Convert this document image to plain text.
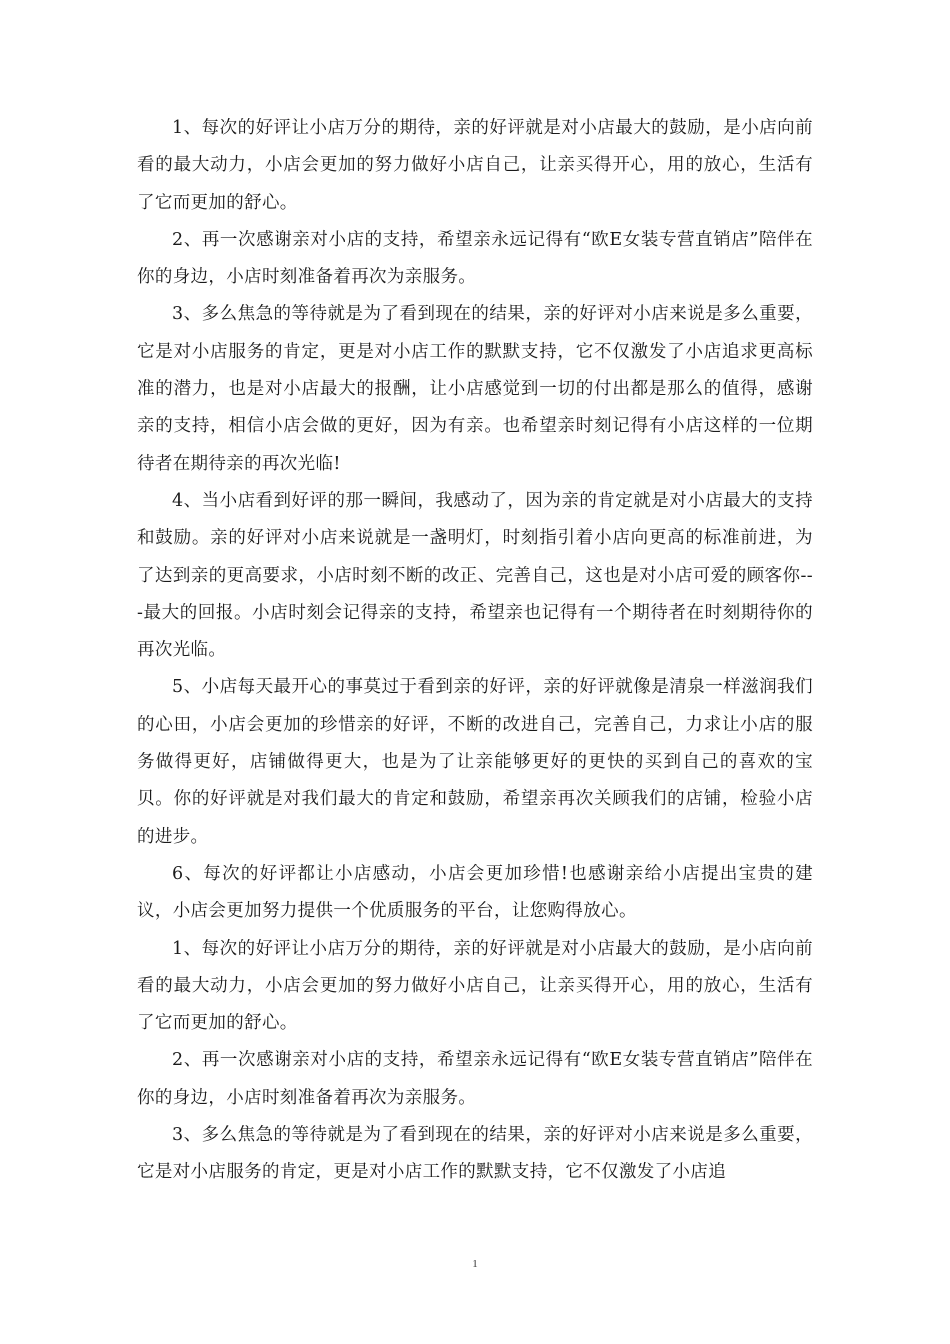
1、每次的好评让小店万分的期待，亲的好评就是对小店最大的鼓励，是小店向前看的最大动力，小店会更加的努力做好小店自己，让亲买得开心，用的放心，生活有了它而更加的舒心。

2、再一次感谢亲对小店的支持，希望亲永远记得有“欧E女装专营直销店”陪伴在你的身边，小店时刻准备着再次为亲服务。

3、多么焦急的等待就是为了看到现在的结果，亲的好评对小店来说是多么重要，它是对小店服务的肯定，更是对小店工作的默默支持，它不仅激发了小店追求更高标准的潜力，也是对小店最大的报酬，让小店感觉到一切的付出都是那么的值得，感谢亲的支持，相信小店会做的更好，因为有亲。也希望亲时刻记得有小店这样的一位期待者在期待亲的再次光临!

4、当小店看到好评的那一瞬间，我感动了，因为亲的肯定就是对小店最大的支持和鼓励。亲的好评对小店来说就是一盏明灯，时刻指引着小店向更高的标准前进，为了达到亲的更高要求，小店时刻不断的改正、完善自己，这也是对小店可爱的顾客你---最大的回报。小店时刻会记得亲的支持，希望亲也记得有一个期待者在时刻期待你的再次光临。

5、小店每天最开心的事莫过于看到亲的好评，亲的好评就像是清泉一样滋润我们的心田，小店会更加的珍惜亲的好评，不断的改进自己，完善自己，力求让小店的服务做得更好，店铺做得更大，也是为了让亲能够更好的更快的买到自己的喜欢的宝贝。你的好评就是对我们最大的肯定和鼓励，希望亲再次关顾我们的店铺，检验小店的进步。

6、每次的好评都让小店感动，小店会更加珍惜!也感谢亲给小店提出宝贵的建议，小店会更加努力提供一个优质服务的平台，让您购得放心。

1、每次的好评让小店万分的期待，亲的好评就是对小店最大的鼓励，是小店向前看的最大动力，小店会更加的努力做好小店自己，让亲买得开心，用的放心，生活有了它而更加的舒心。

2、再一次感谢亲对小店的支持，希望亲永远记得有“欧E女装专营直销店”陪伴在你的身边，小店时刻准备着再次为亲服务。

3、多么焦急的等待就是为了看到现在的结果，亲的好评对小店来说是多么重要，它是对小店服务的肯定，更是对小店工作的默默支持，它不仅激发了小店追

1
